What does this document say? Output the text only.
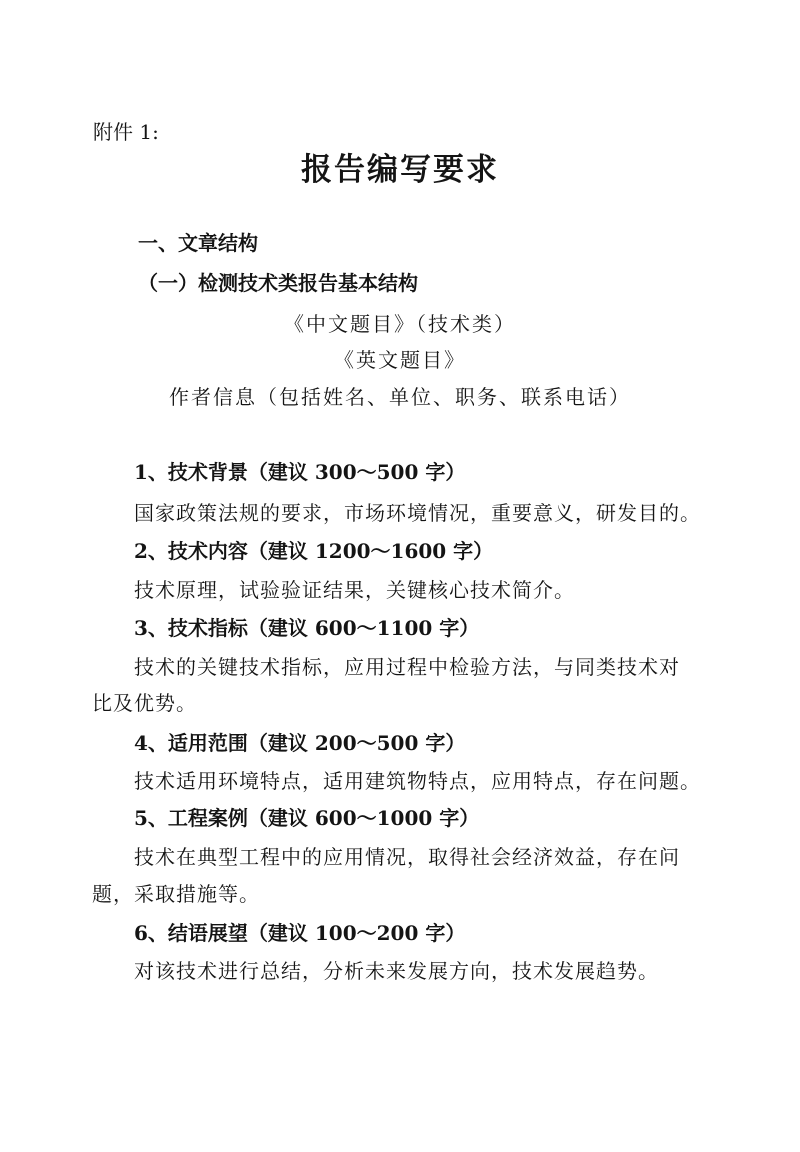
附件 1:
报告编写要求
一、文章结构
（一）检测技术类报告基本结构
《中文题目》（技术类）
《英文题目》
作者信息（包括姓名、单位、职务、联系电话）
1、技术背景（建议 300～500 字）
国家政策法规的要求，市场环境情况，重要意义，研发目的。
2、技术内容（建议 1200～1600 字）
技术原理，试验验证结果，关键核心技术简介。
3、技术指标（建议 600～1100 字）
技术的关键技术指标，应用过程中检验方法，与同类技术对
比及优势。
4、适用范围（建议 200～500 字）
技术适用环境特点，适用建筑物特点，应用特点，存在问题。
5、工程案例（建议 600～1000 字）
技术在典型工程中的应用情况，取得社会经济效益，存在问
题，采取措施等。
6、结语展望（建议 100～200 字）
对该技术进行总结，分析未来发展方向，技术发展趋势。
